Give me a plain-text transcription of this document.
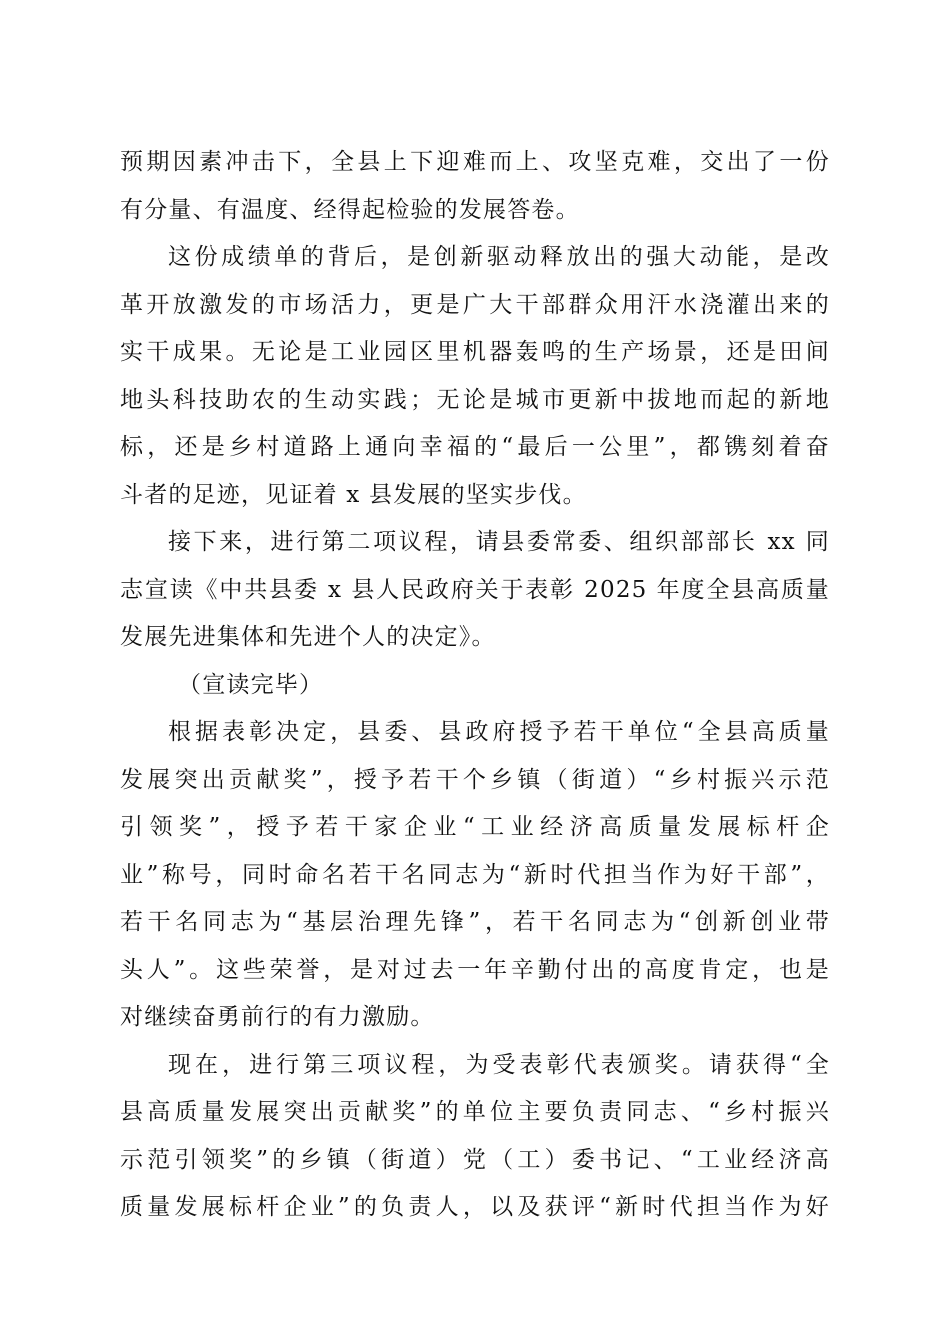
预期因素冲击下，全县上下迎难而上、攻坚克难，交出了一份
有分量、有温度、经得起检验的发展答卷。
这份成绩单的背后，是创新驱动释放出的强大动能，是改
革开放激发的市场活力，更是广大干部群众用汗水浇灌出来的
实干成果。无论是工业园区里机器轰鸣的生产场景，还是田间
地头科技助农的生动实践；无论是城市更新中拔地而起的新地
标，还是乡村道路上通向幸福的“最后一公里”，都镌刻着奋
斗者的足迹，见证着 x 县发展的坚实步伐。
接下来，进行第二项议程，请县委常委、组织部部长 xx 同
志宣读《中共县委 x 县人民政府关于表彰 2025 年度全县高质量
发展先进集体和先进个人的决定》。
（宣读完毕）
根据表彰决定，县委、县政府授予若干单位“全县高质量
发展突出贡献奖”，授予若干个乡镇（街道）“乡村振兴示范
引领奖”，授予若干家企业“工业经济高质量发展标杆企
业”称号，同时命名若干名同志为“新时代担当作为好干部”，
若干名同志为“基层治理先锋”，若干名同志为“创新创业带
头人”。这些荣誉，是对过去一年辛勤付出的高度肯定，也是
对继续奋勇前行的有力激励。
现在，进行第三项议程，为受表彰代表颁奖。请获得“全
县高质量发展突出贡献奖”的单位主要负责同志、“乡村振兴
示范引领奖”的乡镇（街道）党（工）委书记、“工业经济高
质量发展标杆企业”的负责人，以及获评“新时代担当作为好
